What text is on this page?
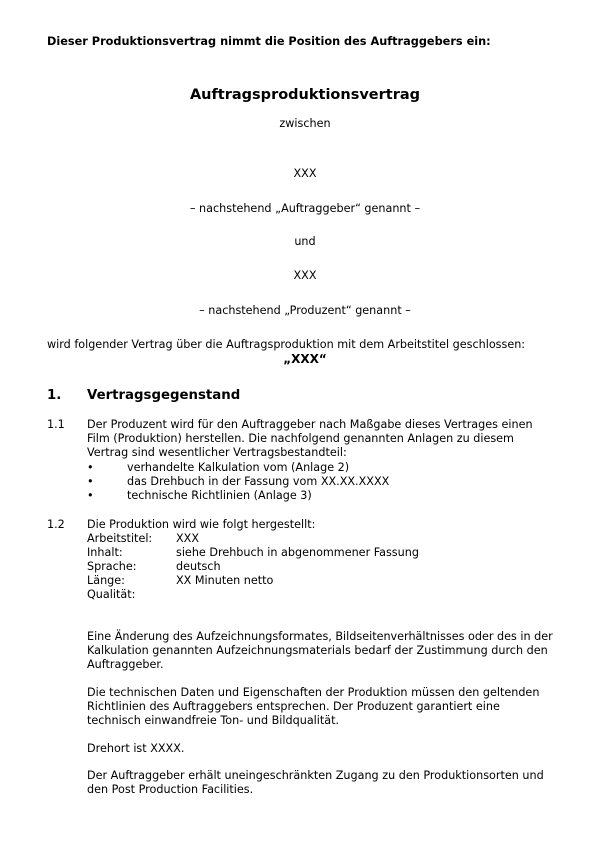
Dieser Produktionsvertrag nimmt die Position des Auftraggebers ein:
Auftragsproduktionsvertrag
zwischen
XXX
– nachstehend „Auftraggeber“ genannt –
und
XXX
– nachstehend „Produzent“ genannt –
wird folgender Vertrag über die Auftragsproduktion mit dem Arbeitstitel geschlossen:
„XXX“
1. Vertragsgegenstand
1.1 Der Produzent wird für den Auftraggeber nach Maßgabe dieses Vertrages einen
Film (Produktion) herstellen. Die nachfolgend genannten Anlagen zu diesem
Vertrag sind wesentlicher Vertragsbestandteil:
•	verhandelte Kalkulation vom (Anlage 2)
•	das Drehbuch in der Fassung vom XX.XX.XXXX
•	technische Richtlinien (Anlage 3)
1.2 Die Produktion wird wie folgt hergestellt:
Arbeitstitel: XXX
Inhalt:	siehe Drehbuch in abgenommener Fassung
Sprache:	deutsch
Länge:	XX Minuten netto
Qualität:
Eine Änderung des Aufzeichnungsformates, Bildseitenverhältnisses oder des in der
Kalkulation genannten Aufzeichnungsmaterials bedarf der Zustimmung durch den
Auftraggeber.
Die technischen Daten und Eigenschaften der Produktion müssen den geltenden
Richtlinien des Auftraggebers entsprechen. Der Produzent garantiert eine
technisch einwandfreie Ton- und Bildqualität.
Drehort ist XXXX.
Der Auftraggeber erhält uneingeschränkten Zugang zu den Produktionsorten und
den Post Production Facilities.
